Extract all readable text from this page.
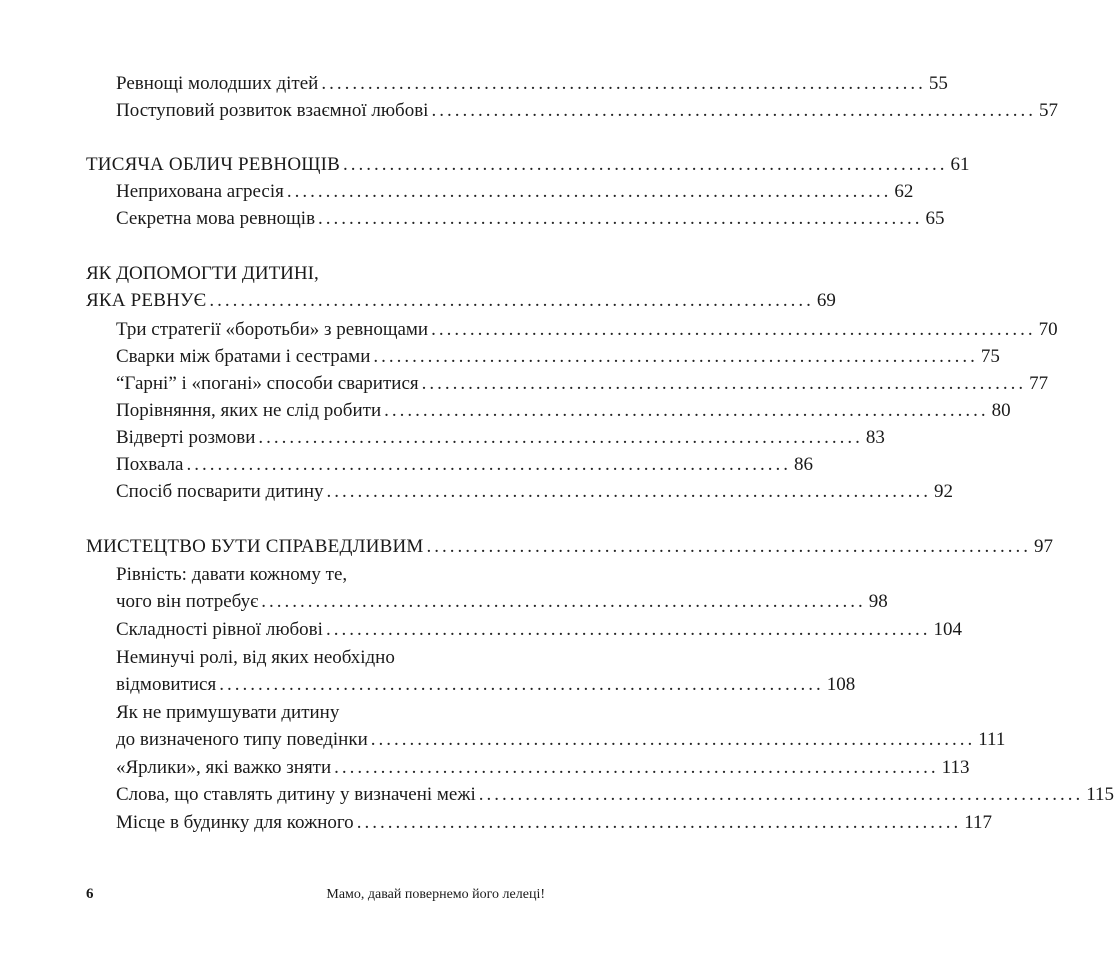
Ревнощі молодших дітей .............................................................................. 55
Поступовий розвиток взаємної любові .............................................................................. 57
ТИСЯЧА ОБЛИЧ РЕВНОЩІВ .............................................................................. 61
Неприхована агресія .............................................................................. 62
Секретна мова ревнощів .............................................................................. 65
ЯК ДОПОМОГТИ ДИТИНІ,
ЯКА РЕВНУЄ .............................................................................. 69
Три стратегії «боротьби» з ревнощами .............................................................................. 70
Сварки між братами і сестрами .............................................................................. 75
“Гарні” і «погані» способи сваритися .............................................................................. 77
Порівняння, яких не слід робити .............................................................................. 80
Відверті розмови .............................................................................. 83
Похвала .............................................................................. 86
Спосіб посварити дитину .............................................................................. 92
МИСТЕЦТВО БУТИ СПРАВЕДЛИВИМ .............................................................................. 97
Рівність: давати кожному те,
чого він потребує .............................................................................. 98
Складності рівної любові .............................................................................. 104
Неминучі ролі, від яких необхідно
відмовитися .............................................................................. 108
Як не примушувати дитину
до визначеного типу поведінки .............................................................................. 111
«Ярлики», які важко зняти .............................................................................. 113
Слова, що ставлять дитину у визначені межі .............................................................................. 115
Місце в будинку для кожного .............................................................................. 117
6	Мамо, давай повернемо його лелеці!
